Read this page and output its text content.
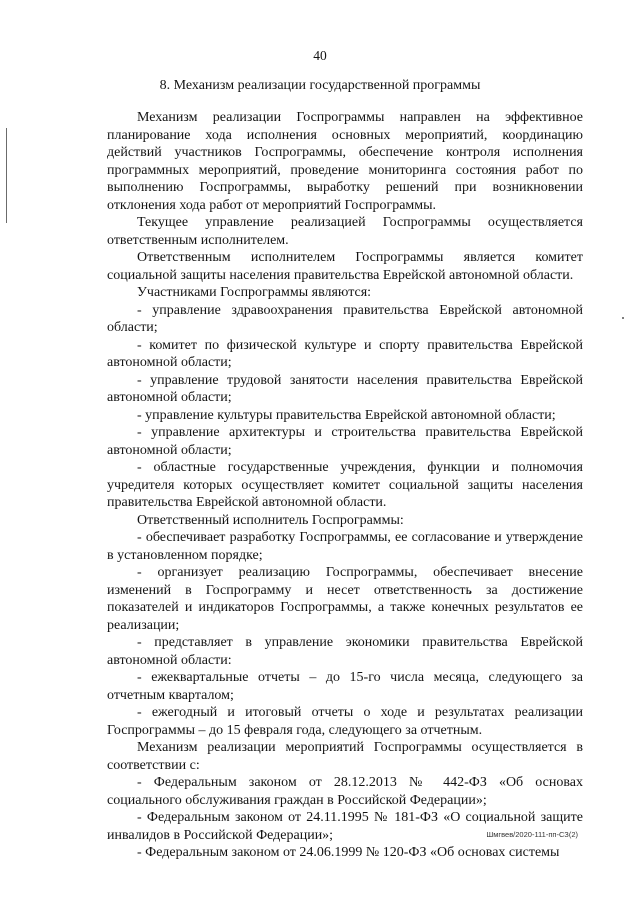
40
8. Механизм реализации государственной программы

Механизм реализации Госпрограммы направлен на эффективное планирование хода исполнения основных мероприятий, координацию действий участников Госпрограммы, обеспечение контроля исполнения программных мероприятий, проведение мониторинга состояния работ по выполнению Госпрограммы, выработку решений при возникновении отклонения хода работ от мероприятий Госпрограммы.

Текущее управление реализацией Госпрограммы осуществляется ответственным исполнителем.

Ответственным исполнителем Госпрограммы является комитет социальной защиты населения правительства Еврейской автономной области.

Участниками Госпрограммы являются:

- управление здравоохранения правительства Еврейской автономной области;

- комитет по физической культуре и спорту правительства Еврейской автономной области;

- управление трудовой занятости населения правительства Еврейской автономной области;

- управление культуры правительства Еврейской автономной области;

- управление архитектуры и строительства правительства Еврейской автономной области;

- областные государственные учреждения, функции и полномочия учредителя которых осуществляет комитет социальной защиты населения правительства Еврейской автономной области.

Ответственный исполнитель Госпрограммы:

- обеспечивает разработку Госпрограммы, ее согласование и утверждение в установленном порядке;

- организует реализацию Госпрограммы, обеспечивает внесение изменений в Госпрограмму и несет ответственность за достижение показателей и индикаторов Госпрограммы, а также конечных результатов ее реализации;

- представляет в управление экономики правительства Еврейской автономной области:

- ежеквартальные отчеты – до 15-го числа месяца, следующего за отчетным кварталом;

- ежегодный и итоговый отчеты о ходе и результатах реализации Госпрограммы – до 15 февраля года, следующего за отчетным.

Механизм реализации мероприятий Госпрограммы осуществляется в соответствии с:

- Федеральным законом от 28.12.2013 № 442-ФЗ «Об основах социального обслуживания граждан в Российской Федерации»;

- Федеральным законом от 24.11.1995 № 181-ФЗ «О социальной защите инвалидов в Российской Федерации»;

- Федеральным законом от 24.06.1999 № 120-ФЗ «Об основах системы

Шмгвев/2020-111-пп-СЗ(2)
